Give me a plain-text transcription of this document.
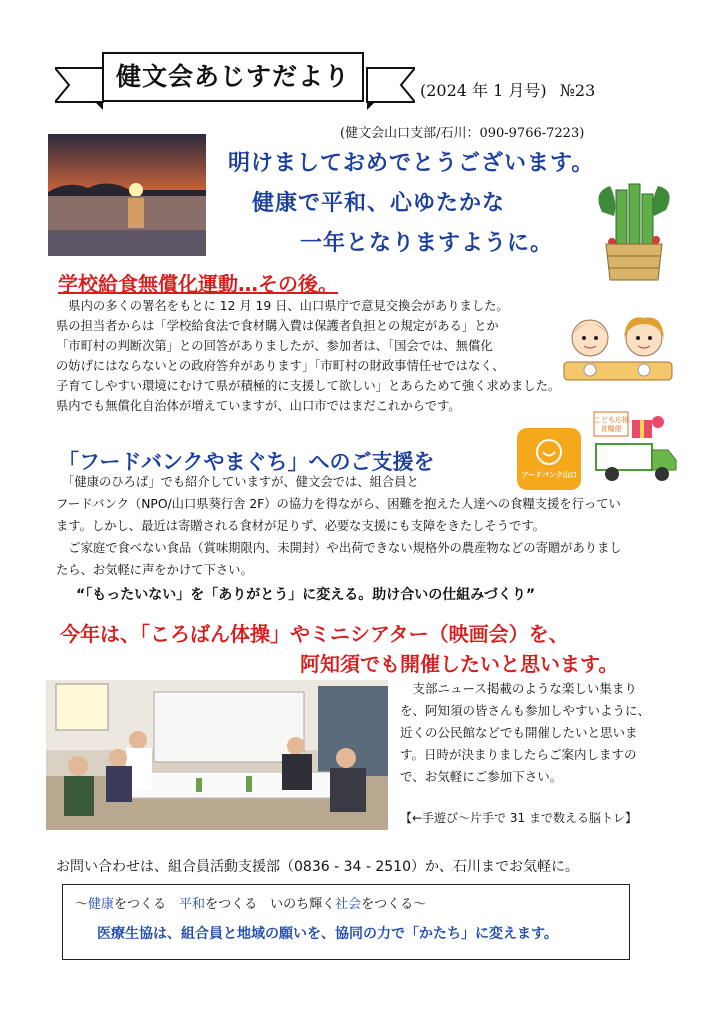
健文会あじすだより	(2024 年 1 月号) №23
(健文会山口支部/石川：090-9766-7223)
明けましておめでとうございます。
健康で平和、心ゆたかな
一年となりますように。
学校給食無償化運動…その後。
　県内の多くの署名をもとに 12 月 19 日、山口県庁で意見交換会がありました。
県の担当者からは「学校給食法で食材購入費は保護者負担との規定がある」とか
「市町村の判断次第」との回答がありましたが、参加者は、「国会では、無償化
の妨げにはならないとの政府答弁があります」「市町村の財政事情任せではなく、
子育てしやすい環境にむけて県が積極的に支援して欲しい」とあらためて強く求めました。
県内でも無償化自治体が増えていますが、山口市ではまだこれからです。
「フードバンクやまぐち」へのご支援を
フードバンク山口
こども応援
食糧便
　「健康のひろば」でも紹介していますが、健文会では、組合員と
フードバンク（NPO/山口県葵行舎 2F）の協力を得ながら、困難を抱えた人達への食糧支援を行ってい
ます。しかし、最近は寄贈される食材が足りず、必要な支援にも支障をきたしそうです。
　ご家庭で食べない食品（賞味期限内、未開封）や出荷できない規格外の農産物などの寄贈がありまし
たら、お気軽に声をかけて下さい。
“「もったいない」を「ありがとう」に変える。助け合いの仕組みづくり”
今年は、「ころばん体操」やミニシアター（映画会）を、
阿知須でも開催したいと思います。
　支部ニュース掲載のような楽しい集まり
を、阿知須の皆さんも参加しやすいように、
近くの公民館などでも開催したいと思いま
す。日時が決まりましたらご案内しますの
で、お気軽にご参加下さい。
【←手遊び～片手で 31 まで数える脳トレ】
お問い合わせは、組合員活動支援部（0836 - 34 - 2510）か、石川までお気軽に。
～健康をつくる　平和をつくる　いのち輝く社会をつくる～
医療生協は、組合員と地域の願いを、協同の力で「かたち」に変えます。
